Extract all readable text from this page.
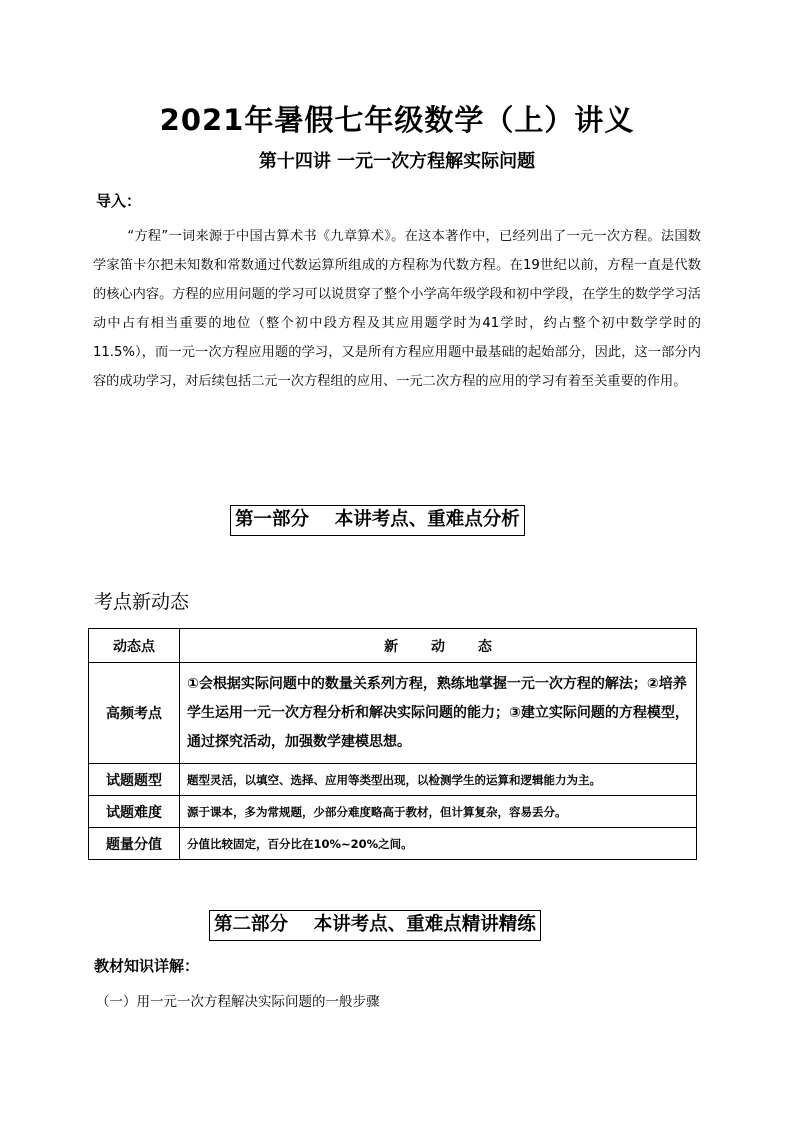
2021年暑假七年级数学（上）讲义
第十四讲 一元一次方程解实际问题
导入：
“方程”一词来源于中国古算术书《九章算术》。在这本著作中，已经列出了一元一次方程。法国数学家笛卡尔把未知数和常数通过代数运算所组成的方程称为代数方程。在19世纪以前，方程一直是代数的核心内容。方程的应用问题的学习可以说贯穿了整个小学高年级学段和初中学段，在学生的数学学习活动中占有相当重要的地位（整个初中段方程及其应用题学时为41学时，约占整个初中数学学时的11.5%），而一元一次方程应用题的学习，又是所有方程应用题中最基础的起始部分，因此，这一部分内容的成功学习，对后续包括二元一次方程组的应用、一元二次方程的应用的学习有着至关重要的作用。
第一部分    本讲考点、重难点分析
考点新动态
动态点	新 动 态
高频考点	①会根据实际问题中的数量关系列方程，熟练地掌握一元一次方程的解法；②培养学生运用一元一次方程分析和解决实际问题的能力；③建立实际问题的方程模型，通过探究活动，加强数学建模思想。
试题题型	题型灵活，以填空、选择、应用等类型出现，以检测学生的运算和逻辑能力为主。
试题难度	源于课本，多为常规题，少部分难度略高于教材，但计算复杂，容易丢分。
题量分值	分值比较固定，百分比在10%~20%之间。
第二部分    本讲考点、重难点精讲精练
教材知识详解：
（一）用一元一次方程解决实际问题的一般步骤
